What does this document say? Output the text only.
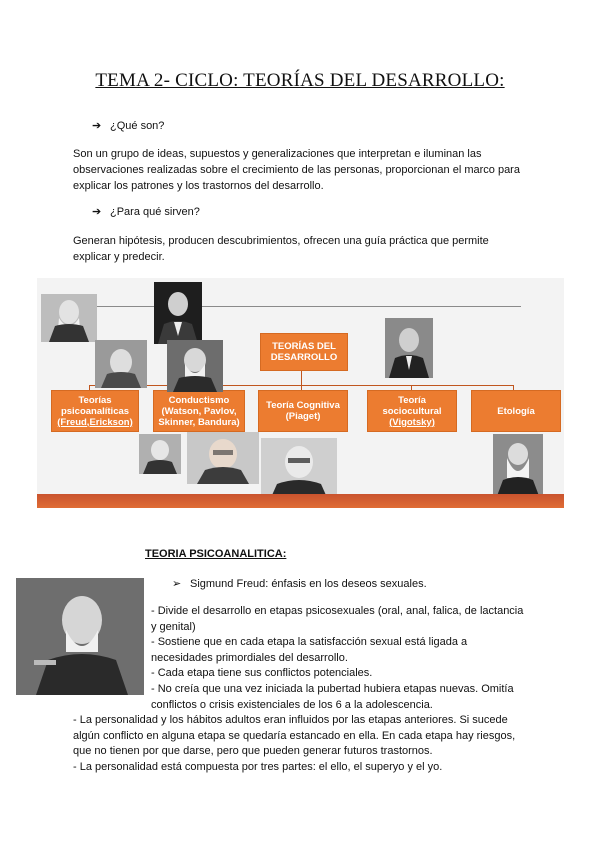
TEMA 2- CICLO: TEORÍAS DEL DESARROLLO:
➔ ¿Qué son?
Son un grupo de ideas, supuestos y generalizaciones que interpretan e iluminan las
observaciones realizadas sobre el crecimiento de las personas, proporcionan el marco para
explicar los patrones y los trastornos del desarrollo.
➔ ¿Para qué sirven?
Generan hipótesis, producen descubrimientos, ofrecen una guía práctica que permite
explicar y predecir.
TEORÍAS DEL
DESARROLLO
Teorías
psicoanalíticas
(Freud,Erickson)
Conductismo
(Watson, Pavlov,
Skinner, Bandura)
Teoría Cognitiva
(Piaget)
Teoría
sociocultural
(Vigotsky)
Etología
TEORIA PSICOANALITICA:
➢ Sigmund Freud: énfasis en los deseos sexuales.
- Divide el desarrollo en etapas psicosexuales (oral, anal, falica, de lactancia
y genital)
- Sostiene que en cada etapa la satisfacción sexual está ligada a
necesidades primordiales del desarrollo.
- Cada etapa tiene sus conflictos potenciales.
- No creía que una vez iniciada la pubertad hubiera etapas nuevas. Omitía
conflictos o crisis existenciales de los 6 a la adolescencia.
- La personalidad y los hábitos adultos eran influidos por las etapas anteriores. Si sucede
algún conflicto en alguna etapa se quedaría estancado en ella. En cada etapa hay riesgos,
que no tienen por que darse, pero que pueden generar futuros trastornos.
- La personalidad está compuesta por tres partes: el ello, el superyo y el yo.
